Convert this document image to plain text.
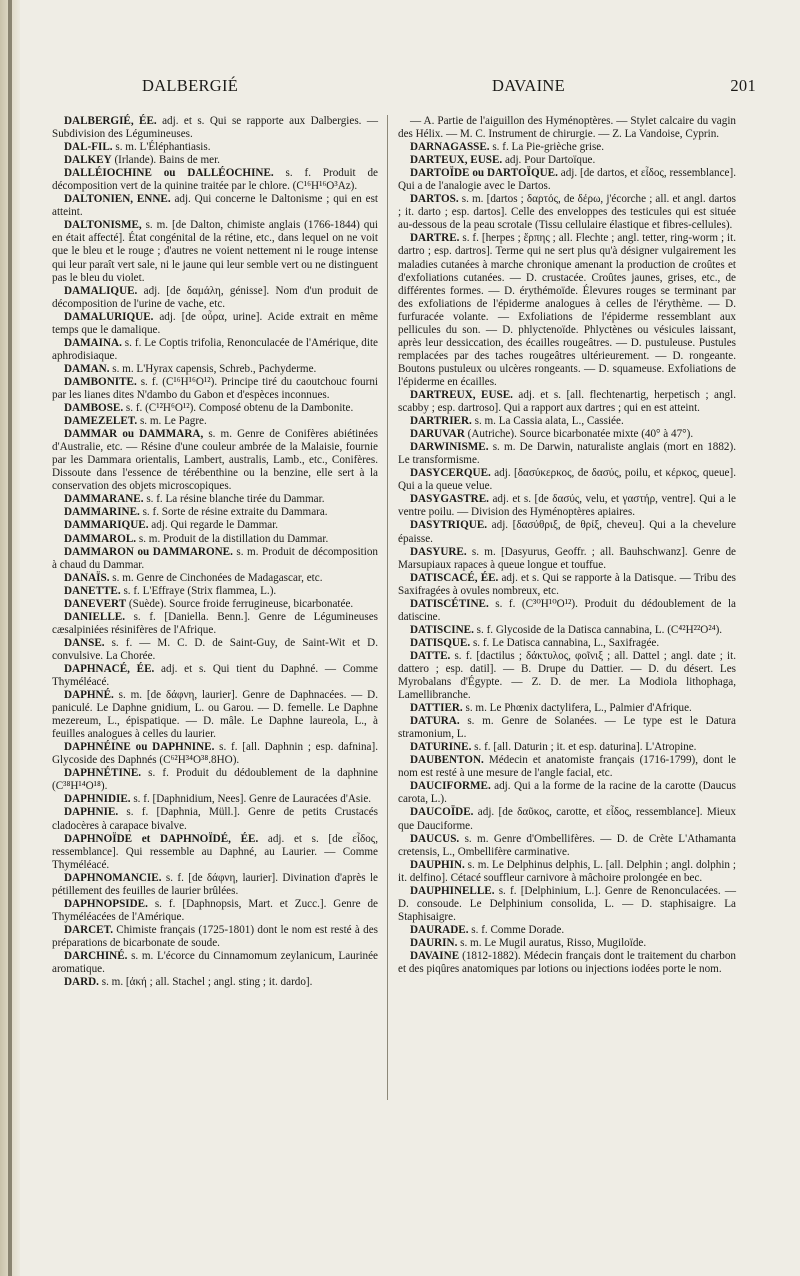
DALBERGIÉ	DAVAINE	201

DALBERGIÉ, ÉE. adj. et s. Qui se rapporte aux Dalbergies. — Subdivision des Légumineuses.

DAL-FIL. s. m. L'Éléphantiasis.

DALKEY (Irlande). Bains de mer.

DALLÉIOCHINE ou DALLÉOCHINE. s. f. Produit de décomposition vert de la quinine traitée par le chlore. (C¹⁶H¹⁶O³Az).

DALTONIEN, ENNE. adj. Qui concerne le Daltonisme ; qui en est atteint.

DALTONISME, s. m. [de Dalton, chimiste anglais (1766-1844) qui en était affecté]. État congénital de la rétine, etc., dans lequel on ne voit que le bleu et le rouge ; d'autres ne voient nettement ni le rouge intense qui leur paraît vert sale, ni le jaune qui leur semble vert ou ne distinguent pas le bleu du violet.

DAMALIQUE. adj. [de δαμάλη, génisse]. Nom d'un produit de décomposition de l'urine de vache, etc.

DAMALURIQUE. adj. [de οὖρα, urine]. Acide extrait en même temps que le damalique.

DAMAINA. s. f. Le Coptis trifolia, Renonculacée de l'Amérique, dite aphrodisiaque.

DAMAN. s. m. L'Hyrax capensis, Schreb., Pachyderme.

DAMBONITE. s. f. (C¹⁶H¹⁶O¹²). Principe tiré du caoutchouc fourni par les lianes dites N'dambo du Gabon et d'espèces inconnues.

DAMBOSE. s. f. (C¹²H⁶O¹²). Composé obtenu de la Dambonite.

DAMEZELET. s. m. Le Pagre.

DAMMAR ou DAMMARA, s. m. Genre de Conifères abiétinées d'Australie, etc. — Résine d'une couleur ambrée de la Malaisie, fournie par les Dammara orientalis, Lambert, australis, Lamb., etc., Conifères. Dissoute dans l'essence de térébenthine ou la benzine, elle sert à la conservation des objets microscopiques.

DAMMARANE. s. f. La résine blanche tirée du Dammar.

DAMMARINE. s. f. Sorte de résine extraite du Dammara.

DAMMARIQUE. adj. Qui regarde le Dammar.

DAMMAROL. s. m. Produit de la distillation du Dammar.

DAMMARON ou DAMMARONE. s. m. Produit de décomposition à chaud du Dammar.

DANAÏS. s. m. Genre de Cinchonées de Madagascar, etc.

DANETTE. s. f. L'Effraye (Strix flammea, L.).

DANEVERT (Suède). Source froide ferrugineuse, bicarbonatée.

DANIELLE. s. f. [Daniella. Benn.]. Genre de Légumineuses cæsalpiniées résinifères de l'Afrique.

DANSE. s. f. — M. C. D. de Saint-Guy, de Saint-Wit et D. convulsive. La Chorée.

DAPHNACÉ, ÉE. adj. et s. Qui tient du Daphné. — Comme Thyméléacé.

DAPHNÉ. s. m. [de δάφνη, laurier]. Genre de Daphnacées. — D. paniculé. Le Daphne gnidium, L. ou Garou. — D. femelle. Le Daphne mezereum, L., épispatique. — D. mâle. Le Daphne laureola, L., à feuilles analogues à celles du laurier.

DAPHNÉINE ou DAPHNINE. s. f. [all. Daphnin ; esp. dafnina]. Glycoside des Daphnés (C⁶²H³⁴O³⁸.8HO).

DAPHNÉTINE. s. f. Produit du dédoublement de la daphnine (C³⁸H¹⁴O¹⁸).

DAPHNIDIE. s. f. [Daphnidium, Nees]. Genre de Lauracées d'Asie.

DAPHNIE. s. f. [Daphnia, Müll.]. Genre de petits Crustacés cladocères à carapace bivalve.

DAPHNOÏDE et DAPHNOÏDÉ, ÉE. adj. et s. [de εἶδος, ressemblance]. Qui ressemble au Daphné, au Laurier. — Comme Thyméléacé.

DAPHNOMANCIE. s. f. [de δάφνη, laurier]. Divination d'après le pétillement des feuilles de laurier brûlées.

DAPHNOPSIDE. s. f. [Daphnopsis, Mart. et Zucc.]. Genre de Thyméléacées de l'Amérique.

DARCET. Chimiste français (1725-1801) dont le nom est resté à des préparations de bicarbonate de soude.

DARCHINÉ. s. m. L'écorce du Cinnamomum zeylanicum, Laurinée aromatique.

DARD. s. m. [ἀκή ; all. Stachel ; angl. sting ; it. dardo].

— A. Partie de l'aiguillon des Hyménoptères. — Stylet calcaire du vagin des Hélix. — M. C. Instrument de chirurgie. — Z. La Vandoise, Cyprin.

DARNAGASSE. s. f. La Pie-grièche grise.

DARTEUX, EUSE. adj. Pour Dartoïque.

DARTOÏDE ou DARTOÏQUE. adj. [de dartos, et εἶδος, ressemblance]. Qui a de l'analogie avec le Dartos.

DARTOS. s. m. [dartos ; δαρτός, de δέρω, j'écorche ; all. et angl. dartos ; it. darto ; esp. dartos]. Celle des enveloppes des testicules qui est située au-dessous de la peau scrotale (Tissu cellulaire élastique et fibres-cellules).

DARTRE. s. f. [herpes ; ἕρπης ; all. Flechte ; angl. tetter, ring-worm ; it. dartro ; esp. dartros]. Terme qui ne sert plus qu'à désigner vulgairement les maladies cutanées à marche chronique amenant la production de croûtes et d'exfoliations cutanées. — D. crustacée. Croûtes jaunes, grises, etc., de différentes formes. — D. érythémoïde. Élevures rouges se terminant par des exfoliations de l'épiderme analogues à celles de l'érythème. — D. furfuracée volante. — Exfoliations de l'épiderme ressemblant aux pellicules du son. — D. phlyctenoïde. Phlyctènes ou vésicules laissant, après leur dessiccation, des écailles rougeâtres. — D. pustuleuse. Pustules remplacées par des taches rougeâtres ultérieurement. — D. rongeante. Boutons pustuleux ou ulcères rongeants. — D. squameuse. Exfoliations de l'épiderme en écailles.

DARTREUX, EUSE. adj. et s. [all. flechtenartig, herpetisch ; angl. scabby ; esp. dartroso]. Qui a rapport aux dartres ; qui en est atteint.

DARTRIER. s. m. La Cassia alata, L., Cassiée.

DARUVAR (Autriche). Source bicarbonatée mixte (40° à 47°).

DARWINISME. s. m. De Darwin, naturaliste anglais (mort en 1882). Le transformisme.

DASYCERQUE. adj. [δασύκερκος, de δασύς, poilu, et κέρκος, queue]. Qui a la queue velue.

DASYGASTRE. adj. et s. [de δασύς, velu, et γαστήρ, ventre]. Qui a le ventre poilu. — Division des Hyménoptères apiaires.

DASYTRIQUE. adj. [δασύθριξ, de θρίξ, cheveu]. Qui a la chevelure épaisse.

DASYURE. s. m. [Dasyurus, Geoffr. ; all. Bauhschwanz]. Genre de Marsupiaux rapaces à queue longue et touffue.

DATISCACÉ, ÉE. adj. et s. Qui se rapporte à la Datisque. — Tribu des Saxifragées à ovules nombreux, etc.

DATISCÉTINE. s. f. (C³⁰H¹⁰O¹²). Produit du dédoublement de la datiscine.

DATISCINE. s. f. Glycoside de la Datisca cannabina, L. (C⁴²H²²O²⁴).

DATISQUE. s. f. Le Datisca cannabina, L., Saxifragée.

DATTE. s. f. [dactilus ; δάκτυλος, φοῖνιξ ; all. Dattel ; angl. date ; it. dattero ; esp. datil]. — B. Drupe du Dattier. — D. du désert. Les Myrobalans d'Égypte. — Z. D. de mer. La Modiola lithophaga, Lamellibranche.

DATTIER. s. m. Le Phœnix dactylifera, L., Palmier d'Afrique.

DATURA. s. m. Genre de Solanées. — Le type est le Datura stramonium, L.

DATURINE. s. f. [all. Daturin ; it. et esp. daturina]. L'Atropine.

DAUBENTON. Médecin et anatomiste français (1716-1799), dont le nom est resté à une mesure de l'angle facial, etc.

DAUCIFORME. adj. Qui a la forme de la racine de la carotte (Daucus carota, L.).

DAUCOÏDE. adj. [de δαῦκος, carotte, et εἶδος, ressemblance]. Mieux que Dauciforme.

DAUCUS. s. m. Genre d'Ombellifères. — D. de Crète L'Athamanta cretensis, L., Ombellifère carminative.

DAUPHIN. s. m. Le Delphinus delphis, L. [all. Delphin ; angl. dolphin ; it. delfino]. Cétacé souffleur carnivore à mâchoire prolongée en bec.

DAUPHINELLE. s. f. [Delphinium, L.]. Genre de Renonculacées. — D. consoude. Le Delphinium consolida, L. — D. staphisaigre. La Staphisaigre.

DAURADE. s. f. Comme Dorade.

DAURIN. s. m. Le Mugil auratus, Risso, Mugiloïde.

DAVAINE (1812-1882). Médecin français dont le traitement du charbon et des piqûres anatomiques par lotions ou injections iodées porte le nom.
